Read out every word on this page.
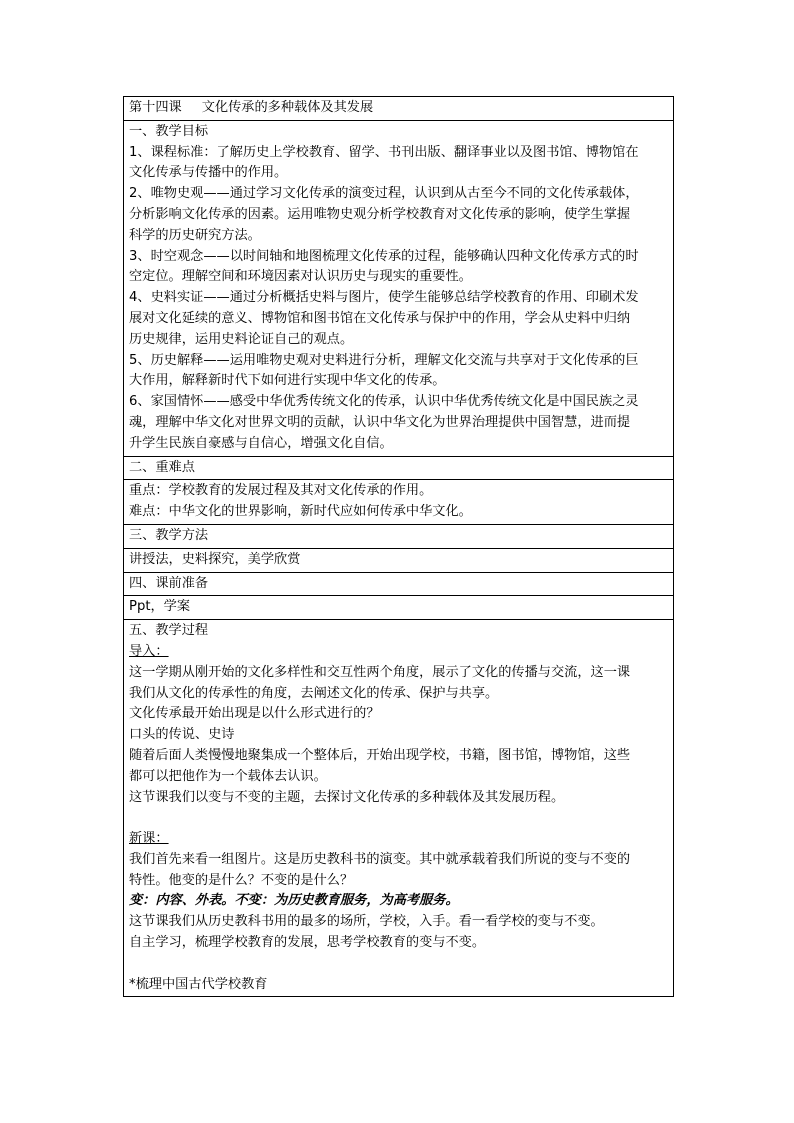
第十四课 文化传承的多种载体及其发展
一、教学目标
1、课程标准：了解历史上学校教育、留学、书刊出版、翻译事业以及图书馆、博物馆在
文化传承与传播中的作用。
2、唯物史观——通过学习文化传承的演变过程，认识到从古至今不同的文化传承载体，
分析影响文化传承的因素。运用唯物史观分析学校教育对文化传承的影响，使学生掌握
科学的历史研究方法。
3、时空观念——以时间轴和地图梳理文化传承的过程，能够确认四种文化传承方式的时
空定位。理解空间和环境因素对认识历史与现实的重要性。
4、史料实证——通过分析概括史料与图片，使学生能够总结学校教育的作用、印刷术发
展对文化延续的意义、博物馆和图书馆在文化传承与保护中的作用，学会从史料中归纳
历史规律，运用史料论证自己的观点。
5、历史解释——运用唯物史观对史料进行分析，理解文化交流与共享对于文化传承的巨
大作用，解释新时代下如何进行实现中华文化的传承。
6、家国情怀——感受中华优秀传统文化的传承，认识中华优秀传统文化是中国民族之灵
魂，理解中华文化对世界文明的贡献，认识中华文化为世界治理提供中国智慧，进而提
升学生民族自豪感与自信心，增强文化自信。
二、重难点
重点：学校教育的发展过程及其对文化传承的作用。
难点：中华文化的世界影响，新时代应如何传承中华文化。
三、教学方法
讲授法，史料探究，美学欣赏
四、课前准备
Ppt，学案
五、教学过程
导入：
这一学期从刚开始的文化多样性和交互性两个角度，展示了文化的传播与交流，这一课
我们从文化的传承性的角度，去阐述文化的传承、保护与共享。
文化传承最开始出现是以什么形式进行的？
口头的传说、史诗
随着后面人类慢慢地聚集成一个整体后，开始出现学校，书籍，图书馆，博物馆，这些
都可以把他作为一个载体去认识。
这节课我们以变与不变的主题，去探讨文化传承的多种载体及其发展历程。
新课：
我们首先来看一组图片。这是历史教科书的演变。其中就承载着我们所说的变与不变的
特性。他变的是什么？不变的是什么？
变：内容、外表。不变：为历史教育服务，为高考服务。
这节课我们从历史教科书用的最多的场所，学校，入手。看一看学校的变与不变。
自主学习，梳理学校教育的发展，思考学校教育的变与不变。
*梳理中国古代学校教育
